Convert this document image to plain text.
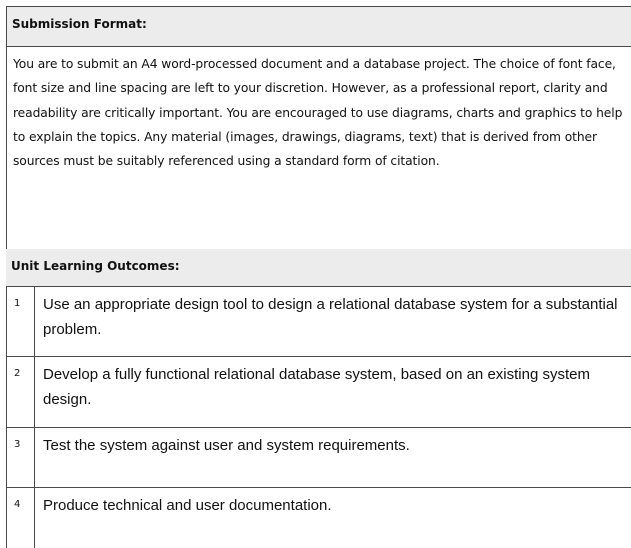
Submission Format:

You are to submit an A4 word-processed document and a database project. The choice of font face, font size and line spacing are left to your discretion. However, as a professional report, clarity and readability are critically important. You are encouraged to use diagrams, charts and graphics to help to explain the topics. Any material (images, drawings, diagrams, text) that is derived from other sources must be suitably referenced using a standard form of citation.

Unit Learning Outcomes:
1	Use an appropriate design tool to design a relational database system for a substantial problem.
2	Develop a fully functional relational database system, based on an existing system design.
3	Test the system against user and system requirements.
4	Produce technical and user documentation.
